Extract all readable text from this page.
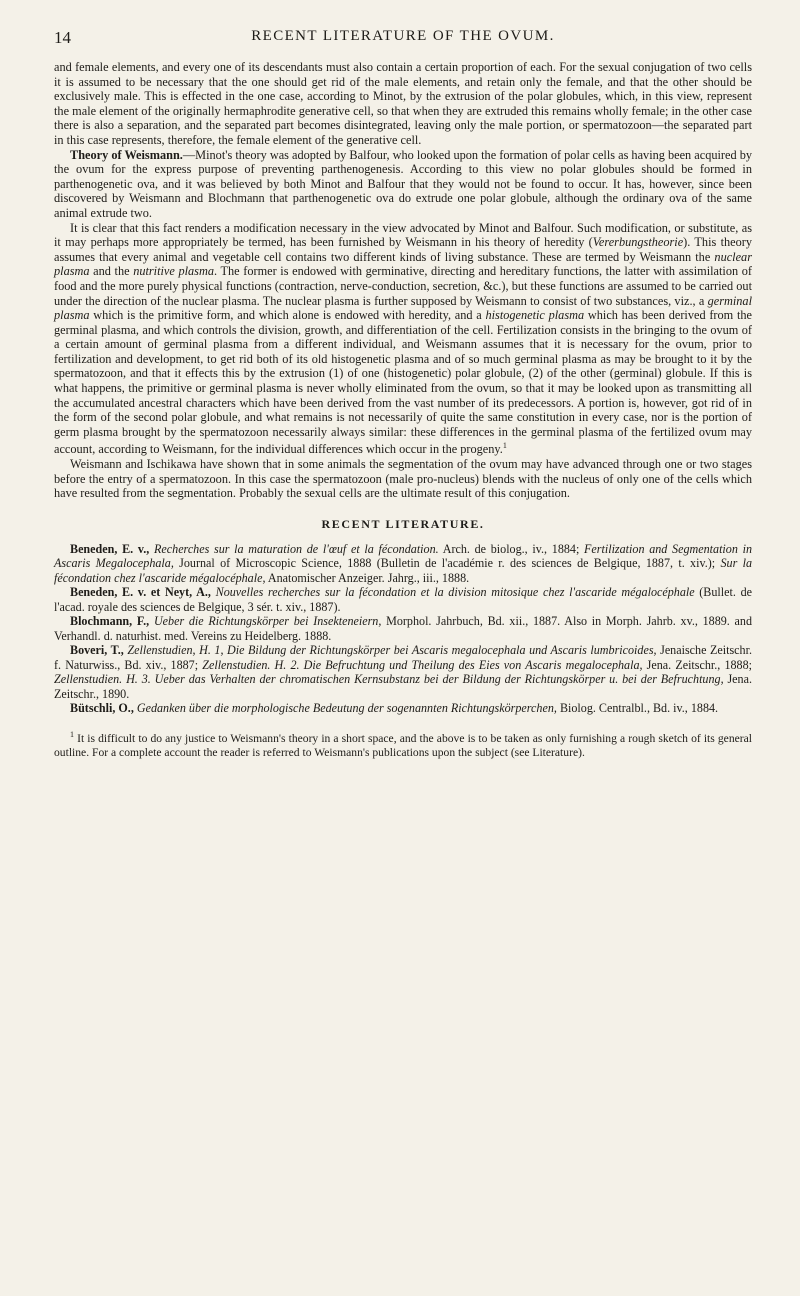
14	RECENT LITERATURE OF THE OVUM.

and female elements, and every one of its descendants must also contain a certain proportion of each. For the sexual conjugation of two cells it is assumed to be necessary that the one should get rid of the male elements, and retain only the female, and that the other should be exclusively male. This is effected in the one case, according to Minot, by the extrusion of the polar globules, which, in this view, represent the male element of the originally hermaphrodite generative cell, so that when they are extruded this remains wholly female; in the other case there is also a separation, and the separated part becomes disintegrated, leaving only the male portion, or spermatozoon—the separated part in this case represents, therefore, the female element of the generative cell.

Theory of Weismann.—Minot's theory was adopted by Balfour, who looked upon the formation of polar cells as having been acquired by the ovum for the express purpose of preventing parthenogenesis. According to this view no polar globules should be formed in parthenogenetic ova, and it was believed by both Minot and Balfour that they would not be found to occur. It has, however, since been discovered by Weismann and Blochmann that parthenogenetic ova do extrude one polar globule, although the ordinary ova of the same animal extrude two.

It is clear that this fact renders a modification necessary in the view advocated by Minot and Balfour. Such modification, or substitute, as it may perhaps more appropriately be termed, has been furnished by Weismann in his theory of heredity (Vererbungstheorie). This theory assumes that every animal and vegetable cell contains two different kinds of living substance. These are termed by Weismann the nuclear plasma and the nutritive plasma. The former is endowed with germinative, directing and hereditary functions, the latter with assimilation of food and the more purely physical functions (contraction, nerve-conduction, secretion, &c.), but these functions are assumed to be carried out under the direction of the nuclear plasma. The nuclear plasma is further supposed by Weismann to consist of two substances, viz., a germinal plasma which is the primitive form, and which alone is endowed with heredity, and a histogenetic plasma which has been derived from the germinal plasma, and which controls the division, growth, and differentiation of the cell. Fertilization consists in the bringing to the ovum of a certain amount of germinal plasma from a different individual, and Weismann assumes that it is necessary for the ovum, prior to fertilization and development, to get rid both of its old histogenetic plasma and of so much germinal plasma as may be brought to it by the spermatozoon, and that it effects this by the extrusion (1) of one (histogenetic) polar globule, (2) of the other (germinal) globule. If this is what happens, the primitive or germinal plasma is never wholly eliminated from the ovum, so that it may be looked upon as transmitting all the accumulated ancestral characters which have been derived from the vast number of its predecessors. A portion is, however, got rid of in the form of the second polar globule, and what remains is not necessarily of quite the same constitution in every case, nor is the portion of germ plasma brought by the spermatozoon necessarily always similar: these differences in the germinal plasma of the fertilized ovum may account, according to Weismann, for the individual differences which occur in the progeny.$^1$

Weismann and Ischikawa have shown that in some animals the segmentation of the ovum may have advanced through one or two stages before the entry of a spermatozoon. In this case the spermatozoon (male pro-nucleus) blends with the nucleus of only one of the cells which have resulted from the segmentation. Probably the sexual cells are the ultimate result of this conjugation.

RECENT LITERATURE.

Beneden, E. v., Recherches sur la maturation de l'œuf et la fécondation. Arch. de biolog., iv., 1884; Fertilization and Segmentation in Ascaris Megalocephala, Journal of Microscopic Science, 1888 (Bulletin de l'académie r. des sciences de Belgique, 1887, t. xiv.); Sur la fécondation chez l'ascaride mégalocéphale, Anatomischer Anzeiger. Jahrg., iii., 1888.

Beneden, E. v. et Neyt, A., Nouvelles recherches sur la fécondation et la division mitosique chez l'ascaride mégalocéphale (Bullet. de l'acad. royale des sciences de Belgique, 3 sér. t. xiv., 1887).

Blochmann, F., Ueber die Richtungskörper bei Insekteneiern, Morphol. Jahrbuch, Bd. xii., 1887. Also in Morph. Jahrb. xv., 1889. and Verhandl. d. naturhist. med. Vereins zu Heidelberg. 1888.

Boveri, T., Zellenstudien, H. 1, Die Bildung der Richtungskörper bei Ascaris megalocephala und Ascaris lumbricoides, Jenaische Zeitschr. f. Naturwiss., Bd. xiv., 1887; Zellenstudien. H. 2. Die Befruchtung und Theilung des Eies von Ascaris megalocephala, Jena. Zeitschr., 1888; Zellenstudien. H. 3. Ueber das Verhalten der chromatischen Kernsubstanz bei der Bildung der Richtungskörper u. bei der Befruchtung, Jena. Zeitschr., 1890.

Bütschli, O., Gedanken über die morphologische Bedeutung der sogenannten Richtungskörperchen, Biolog. Centralbl., Bd. iv., 1884.

$^1$ It is difficult to do any justice to Weismann's theory in a short space, and the above is to be taken as only furnishing a rough sketch of its general outline. For a complete account the reader is referred to Weismann's publications upon the subject (see Literature).
